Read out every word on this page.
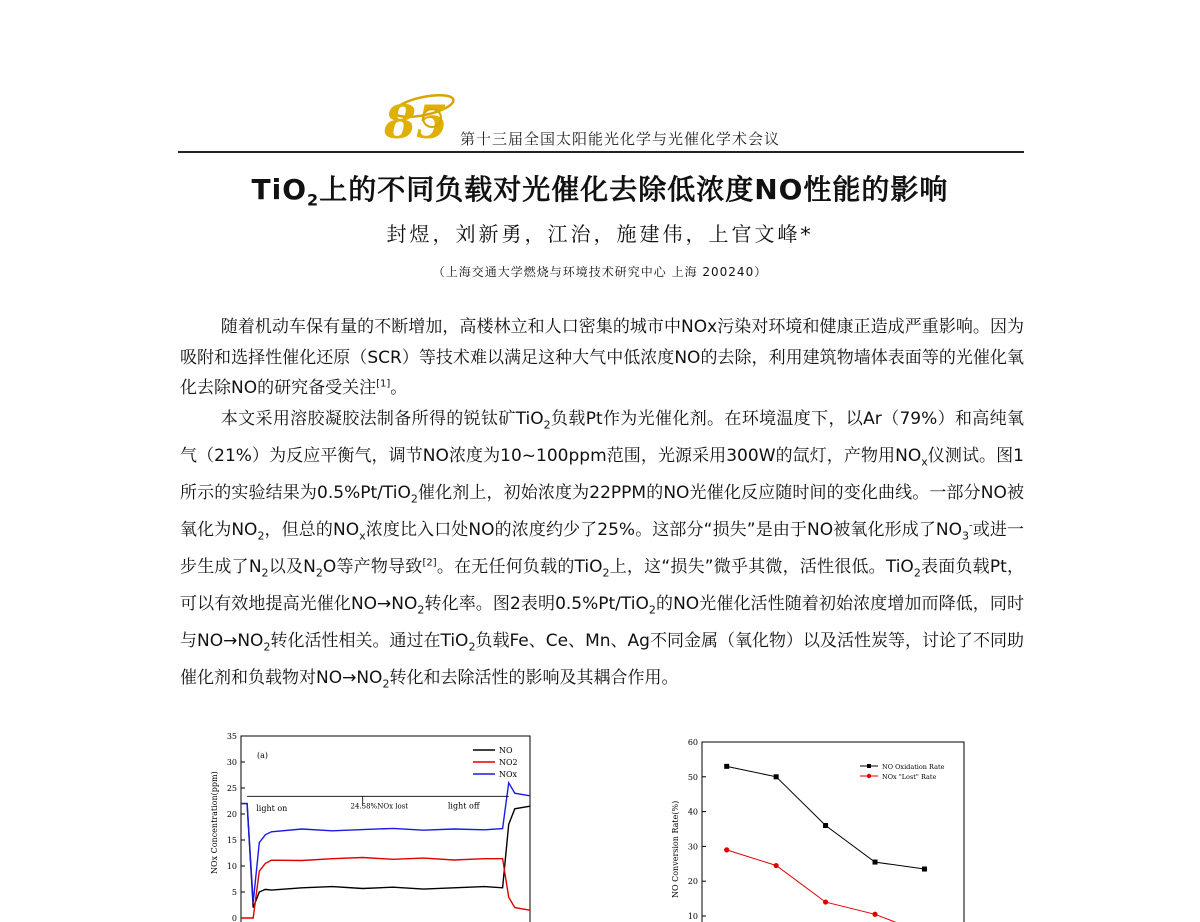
85 第十三届全国太阳能光化学与光催化学术会议
TiO$_2$上的不同负载对光催化去除低浓度NO性能的影响
封煜，刘新勇，江治，施建伟，上官文峰*
（上海交通大学燃烧与环境技术研究中心 上海 200240）

随着机动车保有量的不断增加，高楼林立和人口密集的城市中NOx污染对环境和健康正造成严重影响。因为吸附和选择性催化还原（SCR）等技术难以满足这种大气中低浓度NO的去除，利用建筑物墙体表面等的光催化氧化去除NO的研究备受关注[1]。

本文采用溶胶凝胶法制备所得的锐钛矿TiO$_2$负载Pt作为光催化剂。在环境温度下，以Ar（79%）和高纯氧气（21%）为反应平衡气，调节NO浓度为10~100ppm范围，光源采用300W的氙灯，产物用$NO_x$仪测试。图1所示的实验结果为0.5%Pt/TiO$_2$催化剂上，初始浓度为22PPM的NO光催化反应随时间的变化曲线。一部分NO被氧化为$NO_2$，但总的$NO_x$浓度比入口处NO的浓度约少了25%。这部分“损失”是由于NO被氧化形成了$NO_3^-$或进一步生成了$N_2$以及$N_2O$等产物导致[2]。在无任何负载的TiO$_2$上，这“损失”微乎其微，活性很低。TiO$_2$表面负载Pt，可以有效地提高光催化$NO\to NO_2$转化率。图2表明0.5%Pt/TiO$_2$的NO光催化活性随着初始浓度增加而降低，同时与$NO\to NO_2$转化活性相关。通过在TiO$_2$负载Fe、Ce、Mn、Ag不同金属（氧化物）以及活性炭等，讨论了不同助催化剂和负载物对$NO\to NO_2$转化和去除活性的影响及其耦合作用。

0
5
10
15
20
25
30
35
NOx Concentration(ppm)
(a)
NO
NO2
NOx
light on	24.58%NOx lost	light off
10
20
30
40
50
60
NO Conversion Rate(%)
NO Oxidation Rate
NOx "Lost" Rate
